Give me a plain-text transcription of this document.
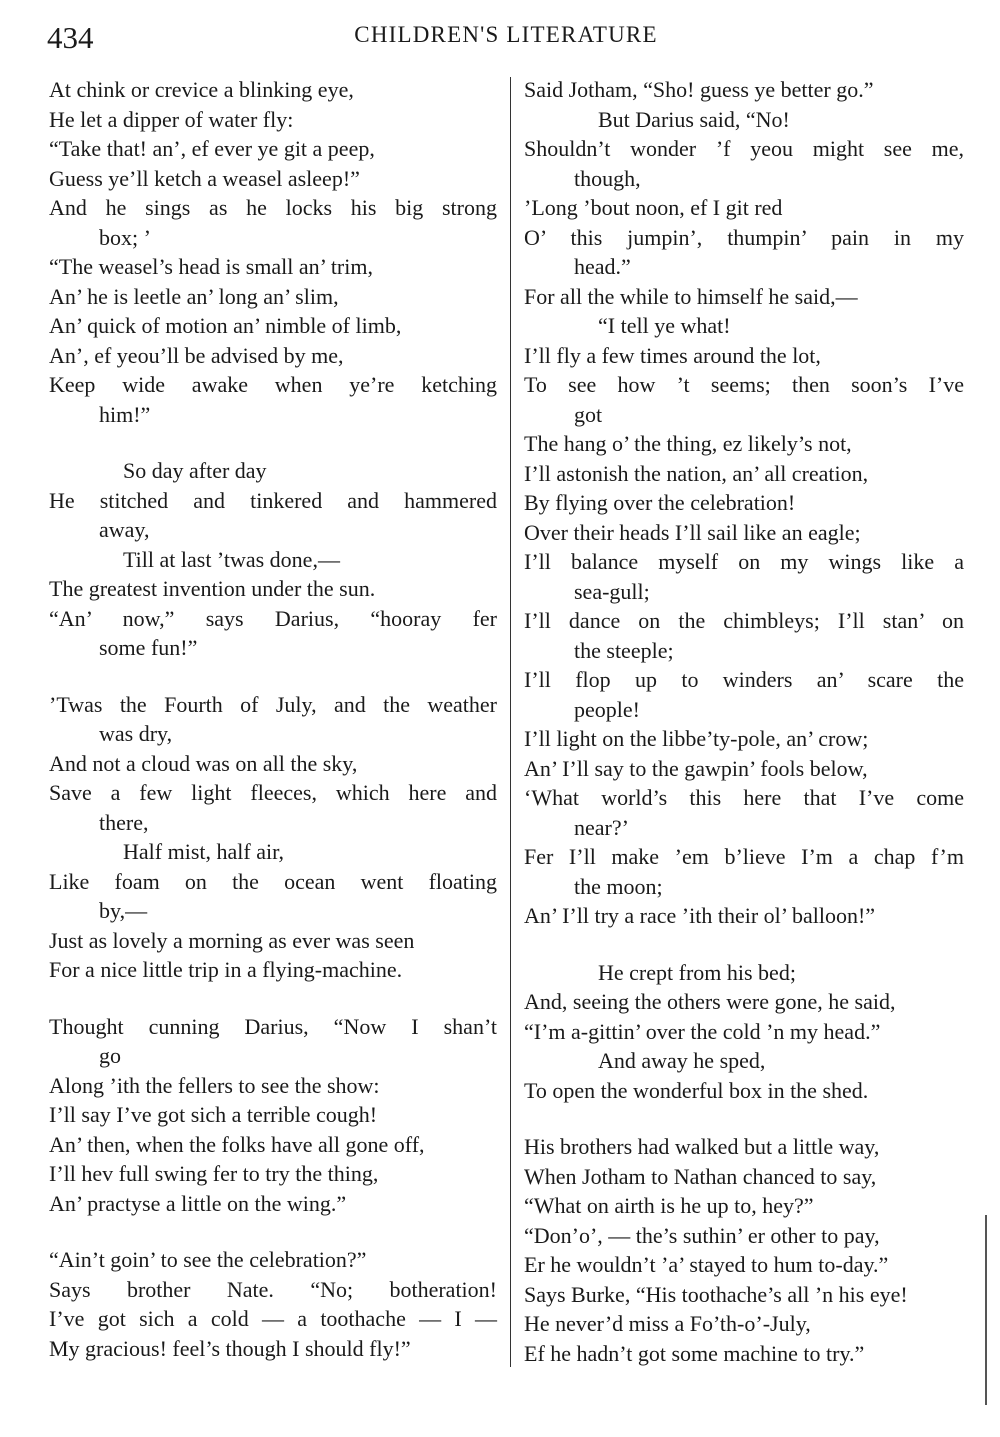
434	CHILDREN'S LITERATURE
At chink or crevice a blinking eye,
He let a dipper of water fly:
“Take that! an’, ef ever ye git a peep,
Guess ye’ll ketch a weasel asleep!”
And he sings as he locks his big strong
box; ’
“The weasel’s head is small an’ trim,
An’ he is leetle an’ long an’ slim,
An’ quick of motion an’ nimble of limb,
An’, ef yeou’ll be advised by me,
Keep wide awake when ye’re ketching
him!”
So day after day
He stitched and tinkered and hammered
away,
Till at last ’twas done,—
The greatest invention under the sun.
“An’ now,” says Darius, “hooray fer
some fun!”
’Twas the Fourth of July, and the weather
was dry,
And not a cloud was on all the sky,
Save a few light fleeces, which here and
there,
Half mist, half air,
Like foam on the ocean went floating
by,—
Just as lovely a morning as ever was seen
For a nice little trip in a flying-machine.
Thought cunning Darius, “Now I shan’t
go
Along ’ith the fellers to see the show:
I’ll say I’ve got sich a terrible cough!
An’ then, when the folks have all gone off,
I’ll hev full swing fer to try the thing,
An’ practyse a little on the wing.”
“Ain’t goin’ to see the celebration?”
Says brother Nate. “No; botheration!
I’ve got sich a cold — a toothache — I —
My gracious! feel’s though I should fly!”
Said Jotham, “Sho! guess ye better go.”
But Darius said, “No!
Shouldn’t wonder ’f yeou might see me,
though,
’Long ’bout noon, ef I git red
O’ this jumpin’, thumpin’ pain in my
head.”
For all the while to himself he said,—
“I tell ye what!
I’ll fly a few times around the lot,
To see how ’t seems; then soon’s I’ve
got
The hang o’ the thing, ez likely’s not,
I’ll astonish the nation, an’ all creation,
By flying over the celebration!
Over their heads I’ll sail like an eagle;
I’ll balance myself on my wings like a
sea-gull;
I’ll dance on the chimbleys; I’ll stan’ on
the steeple;
I’ll flop up to winders an’ scare the
people!
I’ll light on the libbe’ty-pole, an’ crow;
An’ I’ll say to the gawpin’ fools below,
‘What world’s this here that I’ve come
near?’
Fer I’ll make ’em b’lieve I’m a chap f’m
the moon;
An’ I’ll try a race ’ith their ol’ balloon!”
He crept from his bed;
And, seeing the others were gone, he said,
“I’m a-gittin’ over the cold ’n my head.”
And away he sped,
To open the wonderful box in the shed.
His brothers had walked but a little way,
When Jotham to Nathan chanced to say,
“What on airth is he up to, hey?”
“Don’o’, — the’s suthin’ er other to pay,
Er he wouldn’t ’a’ stayed to hum to-day.”
Says Burke, “His toothache’s all ’n his eye!
He never’d miss a Fo’th-o’-July,
Ef he hadn’t got some machine to try.”
